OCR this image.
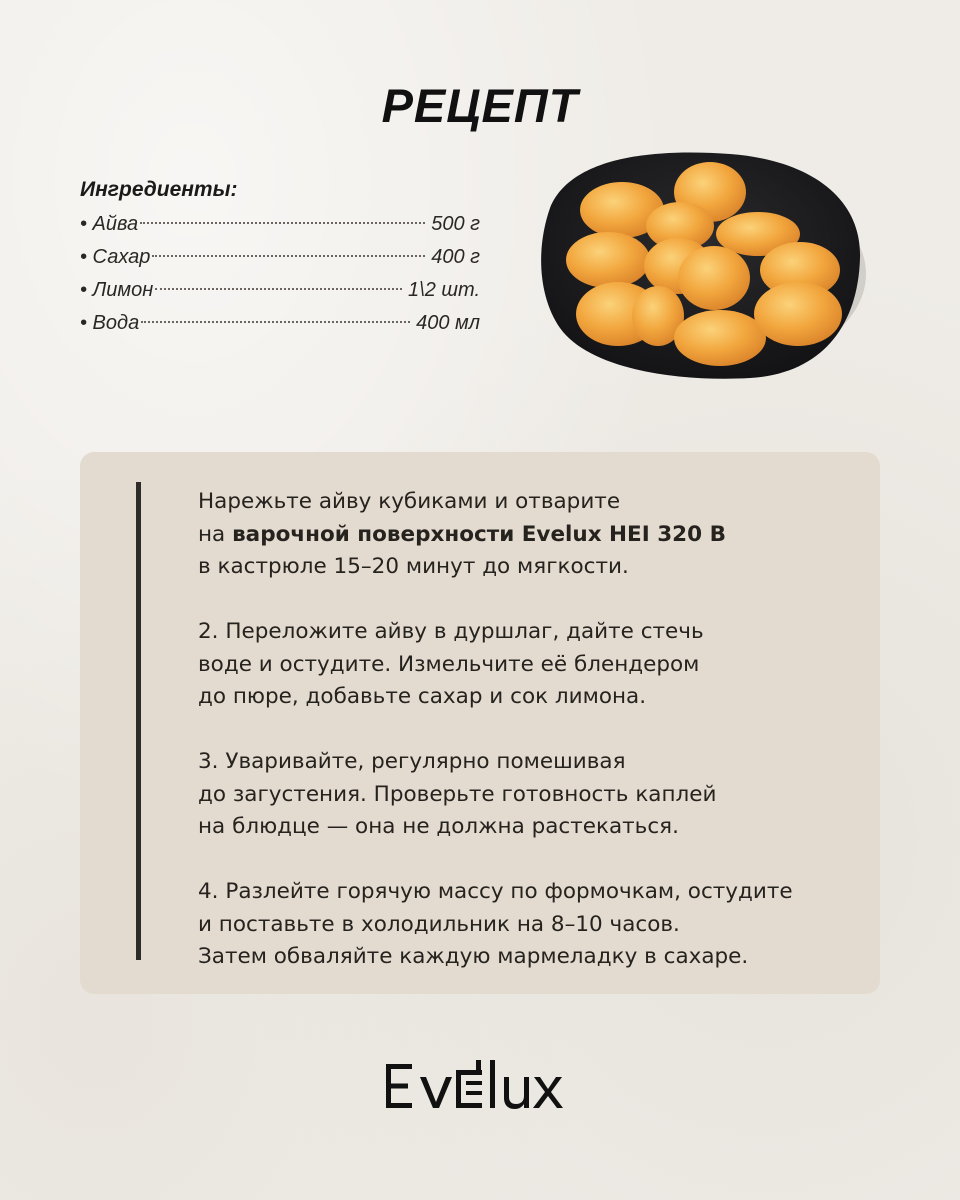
РЕЦЕПТ
Ингредиенты:
• Айва	500 г
• Сахар	400 г
• Лимон	1\2 шт.
• Вода	400 мл
Нарежьте айву кубиками и отварите
на варочной поверхности Evelux HEI 320 B
в кастрюле 15–20 минут до мягкости.
2. Переложите айву в дуршлаг, дайте стечь
воде и остудите. Измельчите её блендером
до пюре, добавьте сахар и сок лимона.
3. Уваривайте, регулярно помешивая
до загустения. Проверьте готовность каплей
на блюдце — она не должна растекаться.
4. Разлейте горячую массу по формочкам, остудите
и поставьте в холодильник на 8–10 часов.
Затем обваляйте каждую мармеладку в сахаре.
